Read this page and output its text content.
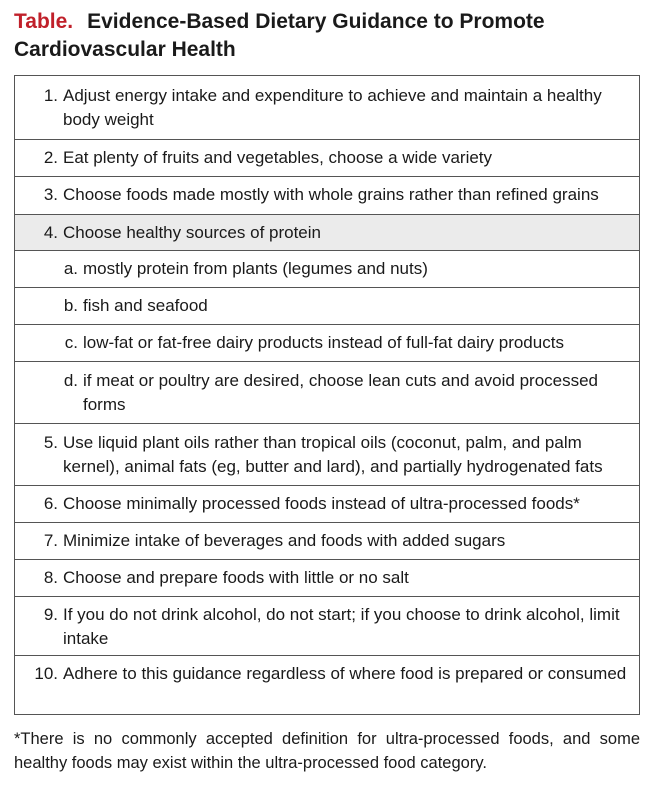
Table. Evidence-Based Dietary Guidance to Promote Cardiovascular Health
1. Adjust energy intake and expenditure to achieve and maintain a healthy body weight
2. Eat plenty of fruits and vegetables, choose a wide variety
3. Choose foods made mostly with whole grains rather than refined grains
4. Choose healthy sources of protein
a. mostly protein from plants (legumes and nuts)
b. fish and seafood
c. low-fat or fat-free dairy products instead of full-fat dairy products
d. if meat or poultry are desired, choose lean cuts and avoid processed forms
5. Use liquid plant oils rather than tropical oils (coconut, palm, and palm kernel), animal fats (eg, butter and lard), and partially hydrogenated fats
6. Choose minimally processed foods instead of ultra-processed foods*
7. Minimize intake of beverages and foods with added sugars
8. Choose and prepare foods with little or no salt
9. If you do not drink alcohol, do not start; if you choose to drink alcohol, limit intake
10. Adhere to this guidance regardless of where food is prepared or consumed
*There is no commonly accepted definition for ultra-processed foods, and some healthy foods may exist within the ultra-processed food category.
